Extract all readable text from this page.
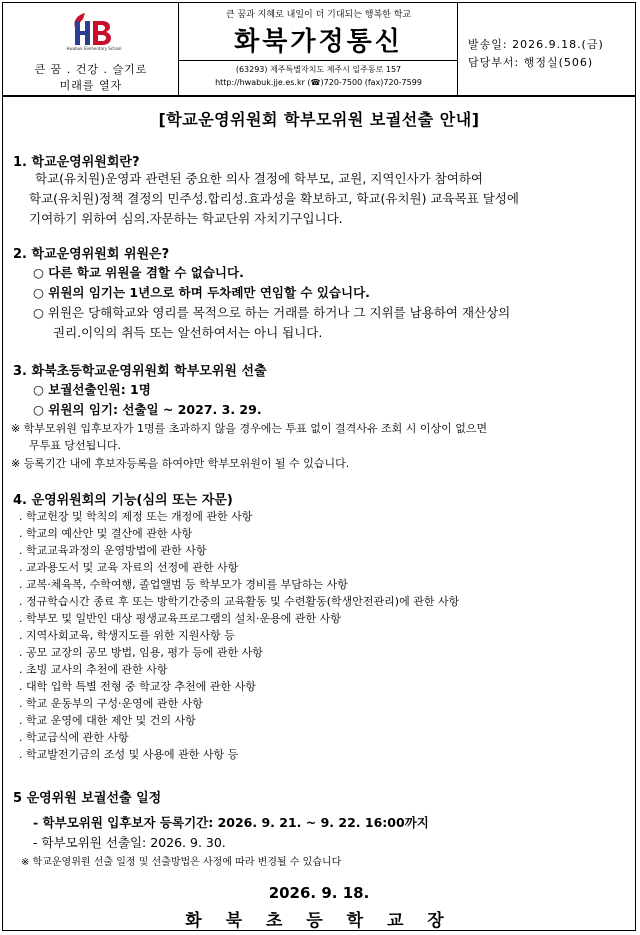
Hwabuk Elementary School
큰 꿈 . 건강 . 슬기로
미래를 열자
큰 꿈과 지혜로 내일이 더 기대되는 행복한 학교
화북가정통신
(63293) 제주특별자치도 제주시 일주동로 157
http://hwabuk.jje.es.kr (☎)720-7500 (fax)720-7599
발송일: 2026.9.18.(금)
담당부서: 행정실(506)
[학교운영위원회 학부모위원 보궐선출 안내]
1. 학교운영위원회란?
학교(유치원)운영과 관련된 중요한 의사 결정에 학부모, 교원, 지역인사가 참여하여
학교(유치원)정책 결정의 민주성.합리성.효과성을 확보하고, 학교(유치원) 교육목표 달성에
기여하기 위하여 심의.자문하는 학교단위 자치기구입니다.
2. 학교운영위원회 위원은?
○ 다른 학교 위원을 겸할 수 없습니다.
○ 위원의 임기는 1년으로 하며 두차례만 연임할 수 있습니다.
○ 위원은 당해학교와 영리를 목적으로 하는 거래를 하거나 그 지위를 남용하여 재산상의
권리.이익의 취득 또는 알선하여서는 아니 됩니다.
3. 화북초등학교운영위원회 학부모위원 선출
○ 보궐선출인원: 1명
○ 위원의 임기: 선출일 ~ 2027. 3. 29.
※ 학부모위원 입후보자가 1명를 초과하지 않을 경우에는 투표 없이 결격사유 조회 시 이상이 없으면
무투표 당선됩니다.
※ 등록기간 내에 후보자등록을 하여야만 학부모위원이 될 수 있습니다.
4. 운영위원회의 기능(심의 또는 자문)
. 학교헌장 및 학칙의 제정 또는 개정에 관한 사항
. 학교의 예산안 및 결산에 관한 사항
. 학교교육과정의 운영방법에 관한 사항
. 교과용도서 및 교육 자료의 선정에 관한 사항
. 교복·체육복, 수학여행, 졸업앨범 등 학부모가 경비를 부담하는 사항
. 정규학습시간 종료 후 또는 방학기간중의 교육활동 및 수련활동(학생안전관리)에 관한 사항
. 학부모 및 일반인 대상 평생교육프로그램의 설치·운용에 관한 사항
. 지역사회교육, 학생지도를 위한 지원사항 등
. 공모 교장의 공모 방법, 임용, 평가 등에 관한 사항
. 초빙 교사의 추천에 관한 사항
. 대학 입학 특별 전형 중 학교장 추천에 관한 사항
. 학교 운동부의 구성·운영에 관한 사항
. 학교 운영에 대한 제안 및 건의 사항
. 학교급식에 관한 사항
. 학교발전기금의 조성 및 사용에 관한 사항 등
5 운영위원 보궐선출 일정
- 학부모위원 입후보자 등록기간: 2026. 9. 21. ~ 9. 22. 16:00까지
- 학부모위원 선출일: 2026. 9. 30.
※ 학교운영위원 선출 일정 및 선출방법은 사정에 따라 변경될 수 있습니다
2026. 9. 18.
화 북 초 등 학 교 장
